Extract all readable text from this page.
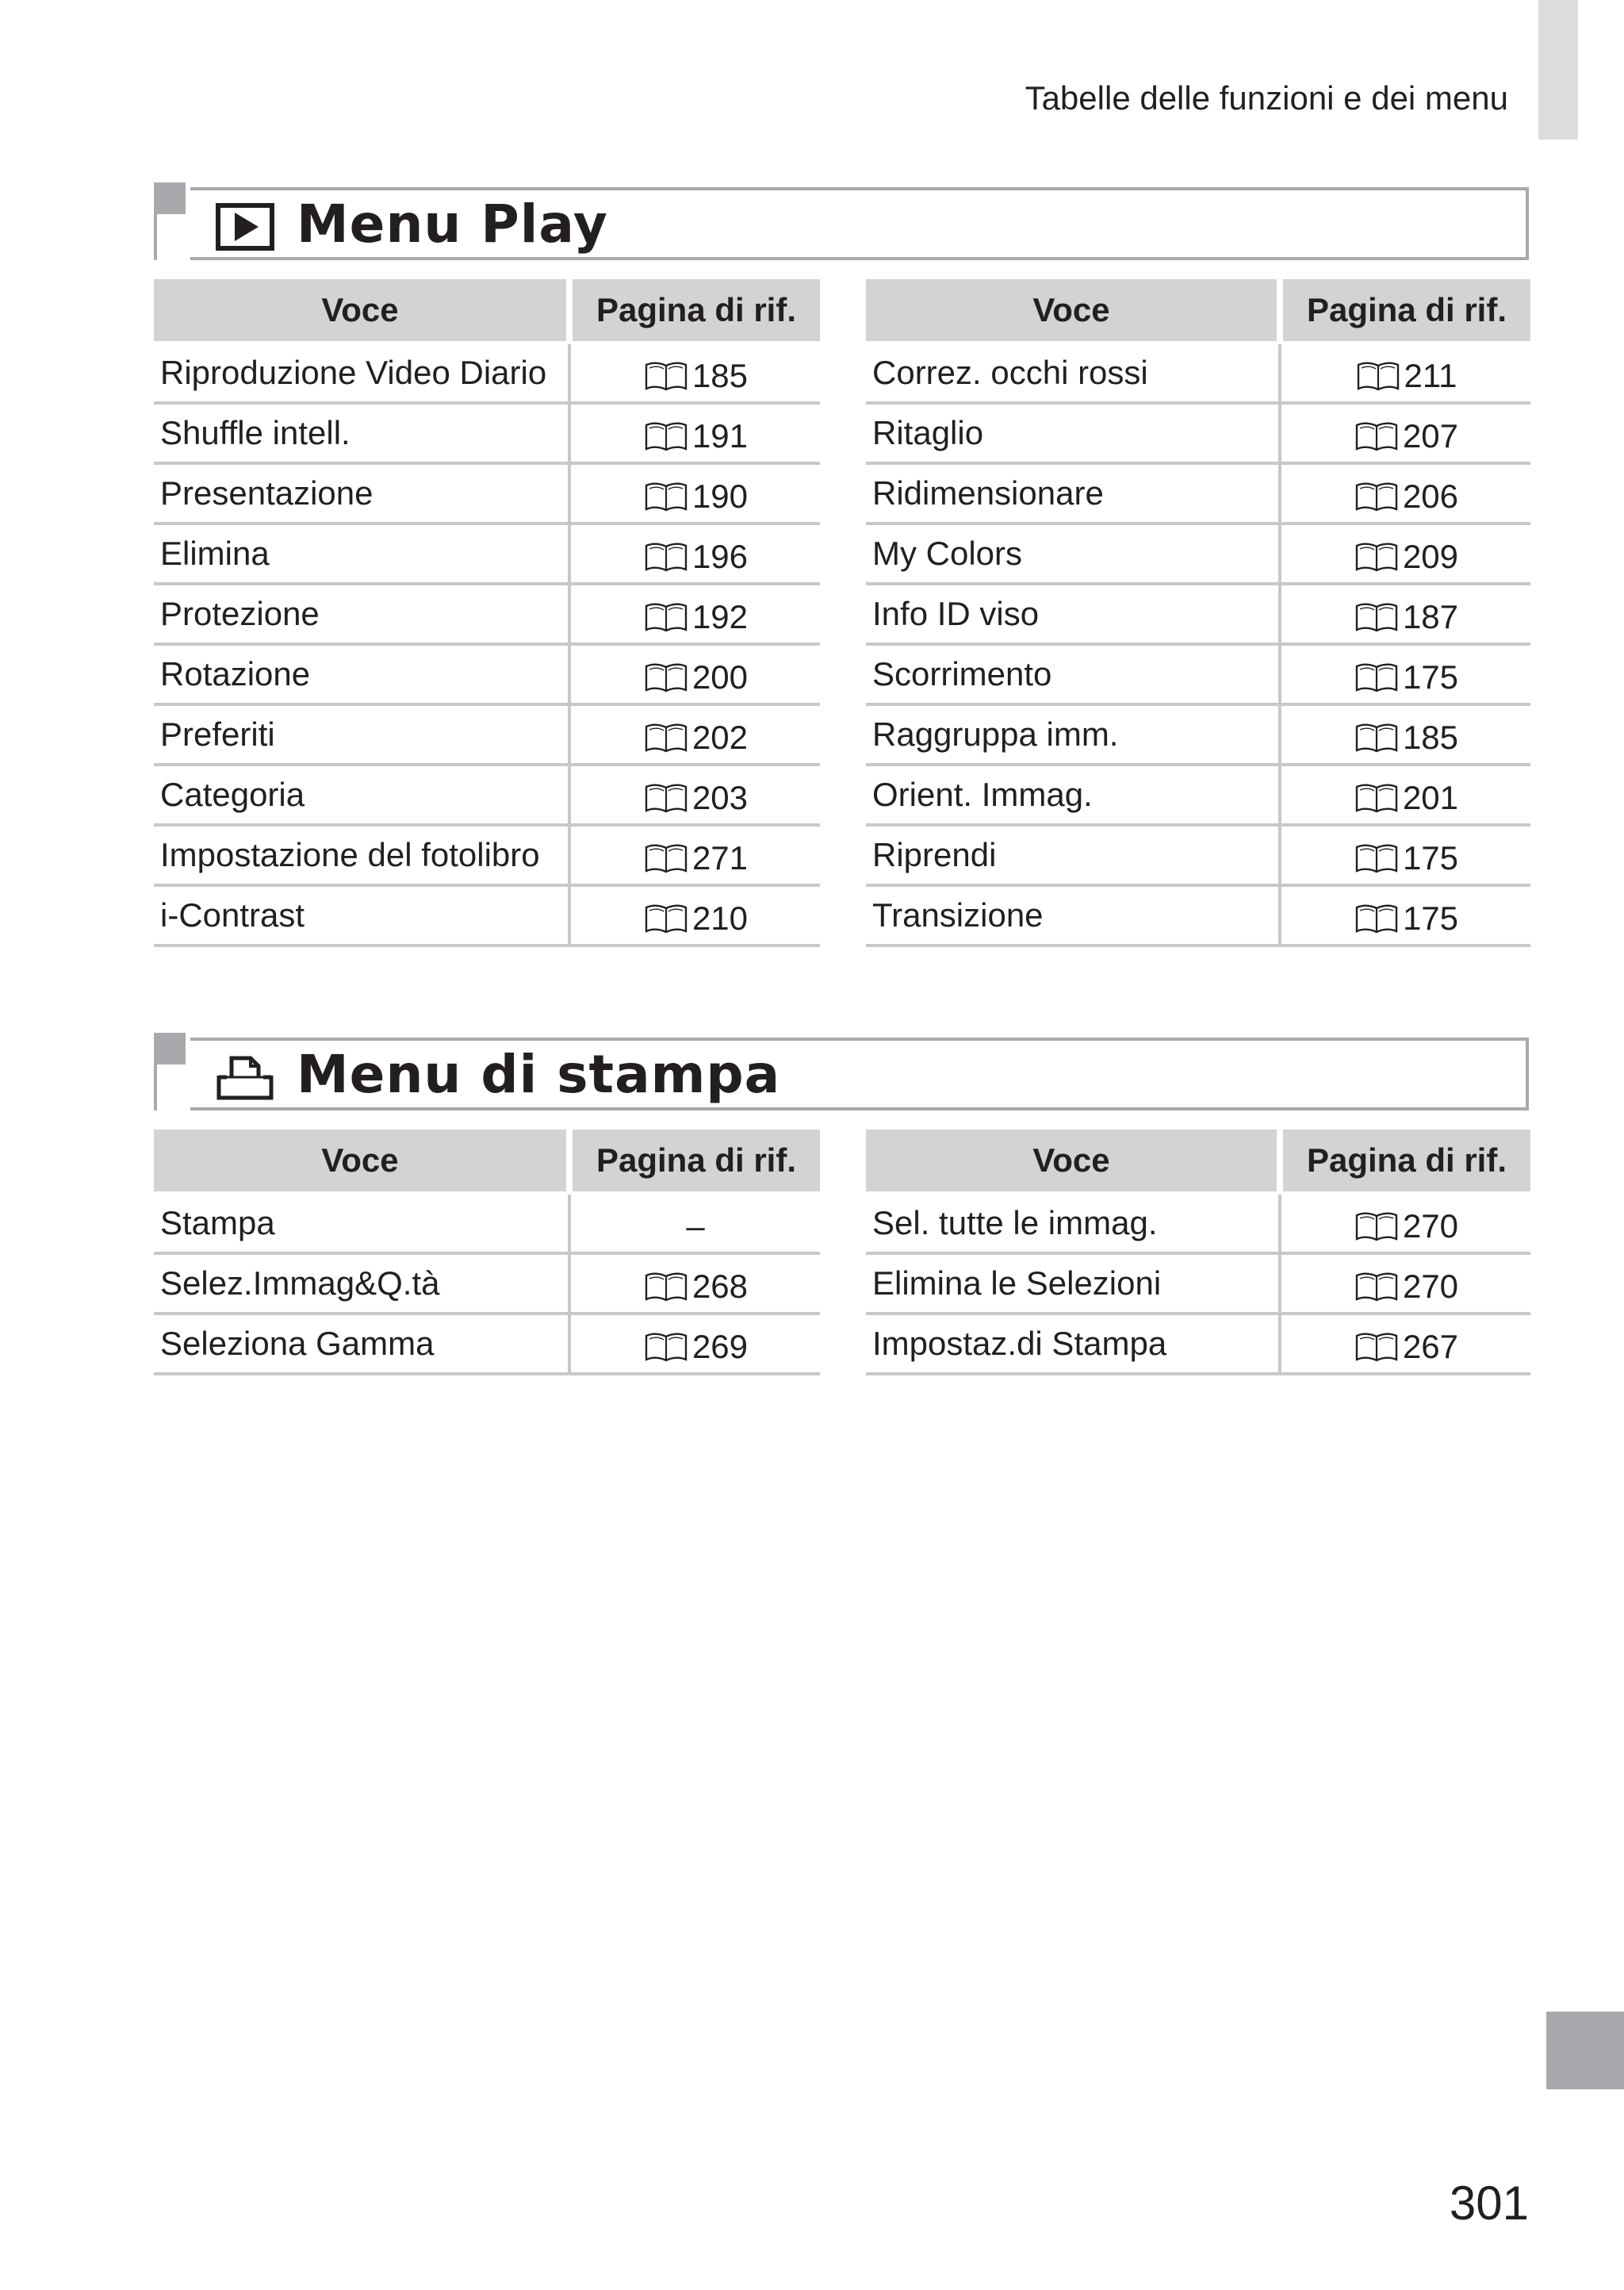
Tabelle delle funzioni e dei menu
Menu Play
Voce	Pagina di rif.
Riproduzione Video Diario	185
Shuffle intell.	191
Presentazione	190
Elimina	196
Protezione	192
Rotazione	200
Preferiti	202
Categoria	203
Impostazione del fotolibro	271
i-Contrast	210
Voce	Pagina di rif.
Correz. occhi rossi	211
Ritaglio	207
Ridimensionare	206
My Colors	209
Info ID viso	187
Scorrimento	175
Raggruppa imm.	185
Orient. Immag.	201
Riprendi	175
Transizione	175
Menu di stampa
Voce	Pagina di rif.
Stampa	–
Selez.Immag&Q.tà	268
Seleziona Gamma	269
Voce	Pagina di rif.
Sel. tutte le immag.	270
Elimina le Selezioni	270
Impostaz.di Stampa	267
301
